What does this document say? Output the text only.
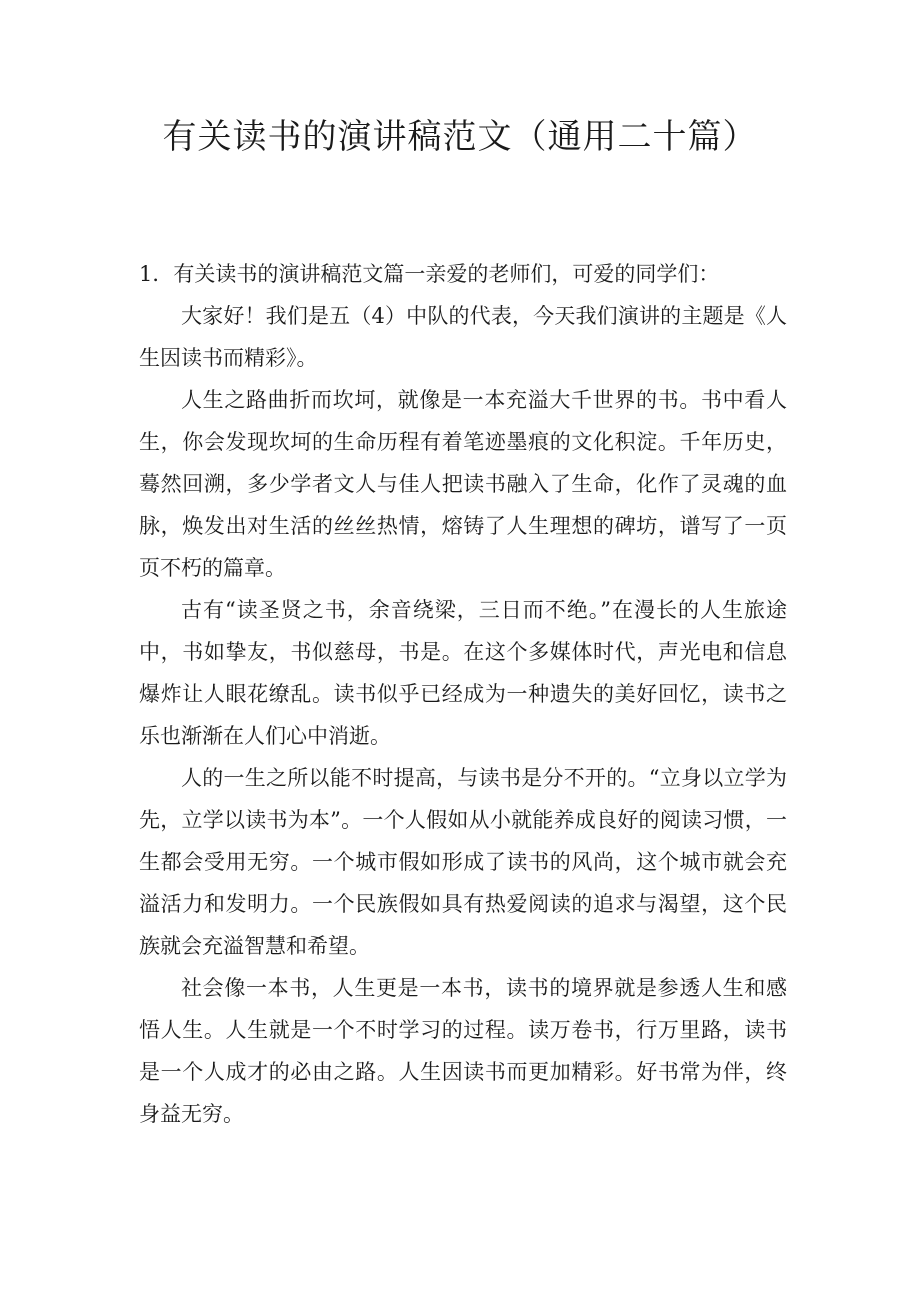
有关读书的演讲稿范文（通用二十篇）

1．有关读书的演讲稿范文篇一亲爱的老师们，可爱的同学们：

大家好！我们是五（4）中队的代表，今天我们演讲的主题是《人生因读书而精彩》。

人生之路曲折而坎坷，就像是一本充溢大千世界的书。书中看人生，你会发现坎坷的生命历程有着笔迹墨痕的文化积淀。千年历史，蓦然回溯，多少学者文人与佳人把读书融入了生命，化作了灵魂的血脉，焕发出对生活的丝丝热情，熔铸了人生理想的碑坊，谱写了一页页不朽的篇章。

古有“读圣贤之书，余音绕梁，三日而不绝。”在漫长的人生旅途中，书如挚友，书似慈母，书是。在这个多媒体时代，声光电和信息爆炸让人眼花缭乱。读书似乎已经成为一种遗失的美好回忆，读书之乐也渐渐在人们心中消逝。

人的一生之所以能不时提高，与读书是分不开的。“立身以立学为先，立学以读书为本”。一个人假如从小就能养成良好的阅读习惯，一生都会受用无穷。一个城市假如形成了读书的风尚，这个城市就会充溢活力和发明力。一个民族假如具有热爱阅读的追求与渴望，这个民族就会充溢智慧和希望。

社会像一本书，人生更是一本书，读书的境界就是参透人生和感悟人生。人生就是一个不时学习的过程。读万卷书，行万里路，读书是一个人成才的必由之路。人生因读书而更加精彩。好书常为伴，终身益无穷。
